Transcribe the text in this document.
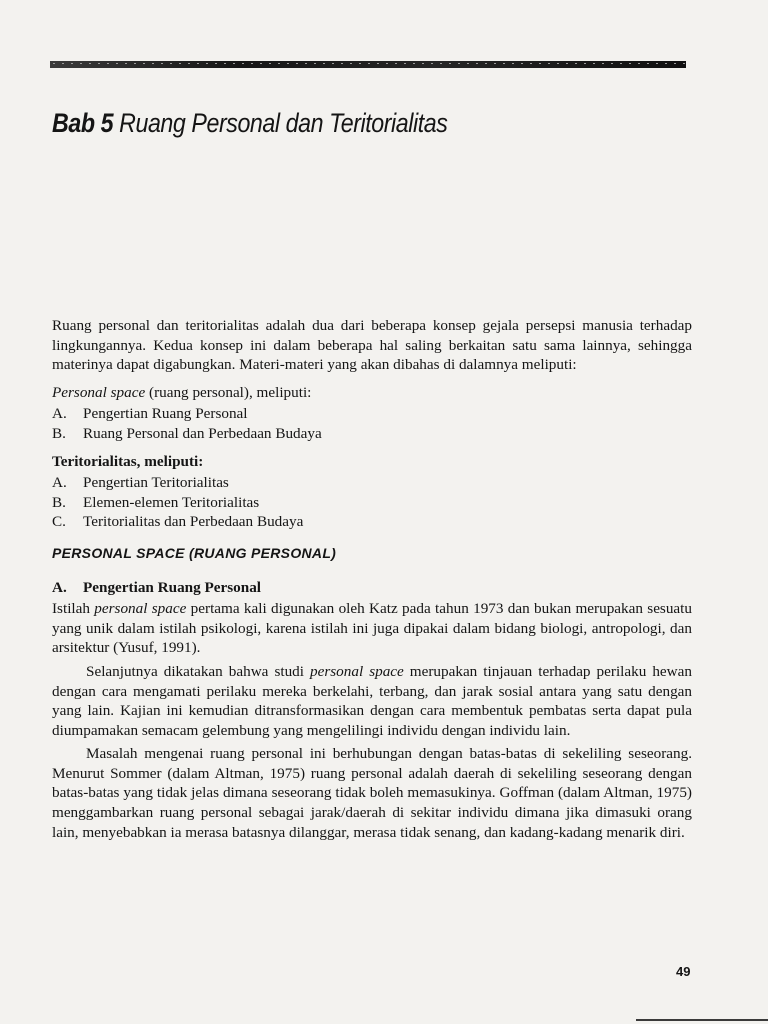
Bab 5 Ruang Personal dan Teritorialitas

Ruang personal dan teritorialitas adalah dua dari beberapa konsep gejala persepsi manusia terhadap lingkungannya. Kedua konsep ini dalam beberapa hal saling berkaitan satu sama lainnya, sehingga materinya dapat digabungkan. Materi-materi yang akan dibahas di dalamnya meliputi:

Personal space (ruang personal), meliputi:

A.	Pengertian Ruang Personal
B.	Ruang Personal dan Perbedaan Budaya

Teritorialitas, meliputi:

A.	Pengertian Teritorialitas
B.	Elemen-elemen Teritorialitas
C.	Teritorialitas dan Perbedaan Budaya
PERSONAL SPACE (RUANG PERSONAL)
A.	Pengertian Ruang Personal

Istilah personal space pertama kali digunakan oleh Katz pada tahun 1973 dan bukan merupakan sesuatu yang unik dalam istilah psikologi, karena istilah ini juga dipakai dalam bidang biologi, antropologi, dan arsitektur (Yusuf, 1991).

Selanjutnya dikatakan bahwa studi personal space merupakan tinjauan terhadap perilaku hewan dengan cara mengamati perilaku mereka berkelahi, terbang, dan jarak sosial antara yang satu dengan yang lain. Kajian ini kemudian ditransformasikan dengan cara membentuk pembatas serta dapat pula diumpamakan semacam gelembung yang mengelilingi individu dengan individu lain.

Masalah mengenai ruang personal ini berhubungan dengan batas-batas di sekeliling seseorang. Menurut Sommer (dalam Altman, 1975) ruang personal adalah daerah di sekeliling seseorang dengan batas-batas yang tidak jelas dimana seseorang tidak boleh memasukinya. Goffman (dalam Altman, 1975) menggambarkan ruang personal sebagai jarak/daerah di sekitar individu dimana jika dimasuki orang lain, menyebabkan ia merasa batasnya dilanggar, merasa tidak senang, dan kadang-kadang menarik diri.

49
